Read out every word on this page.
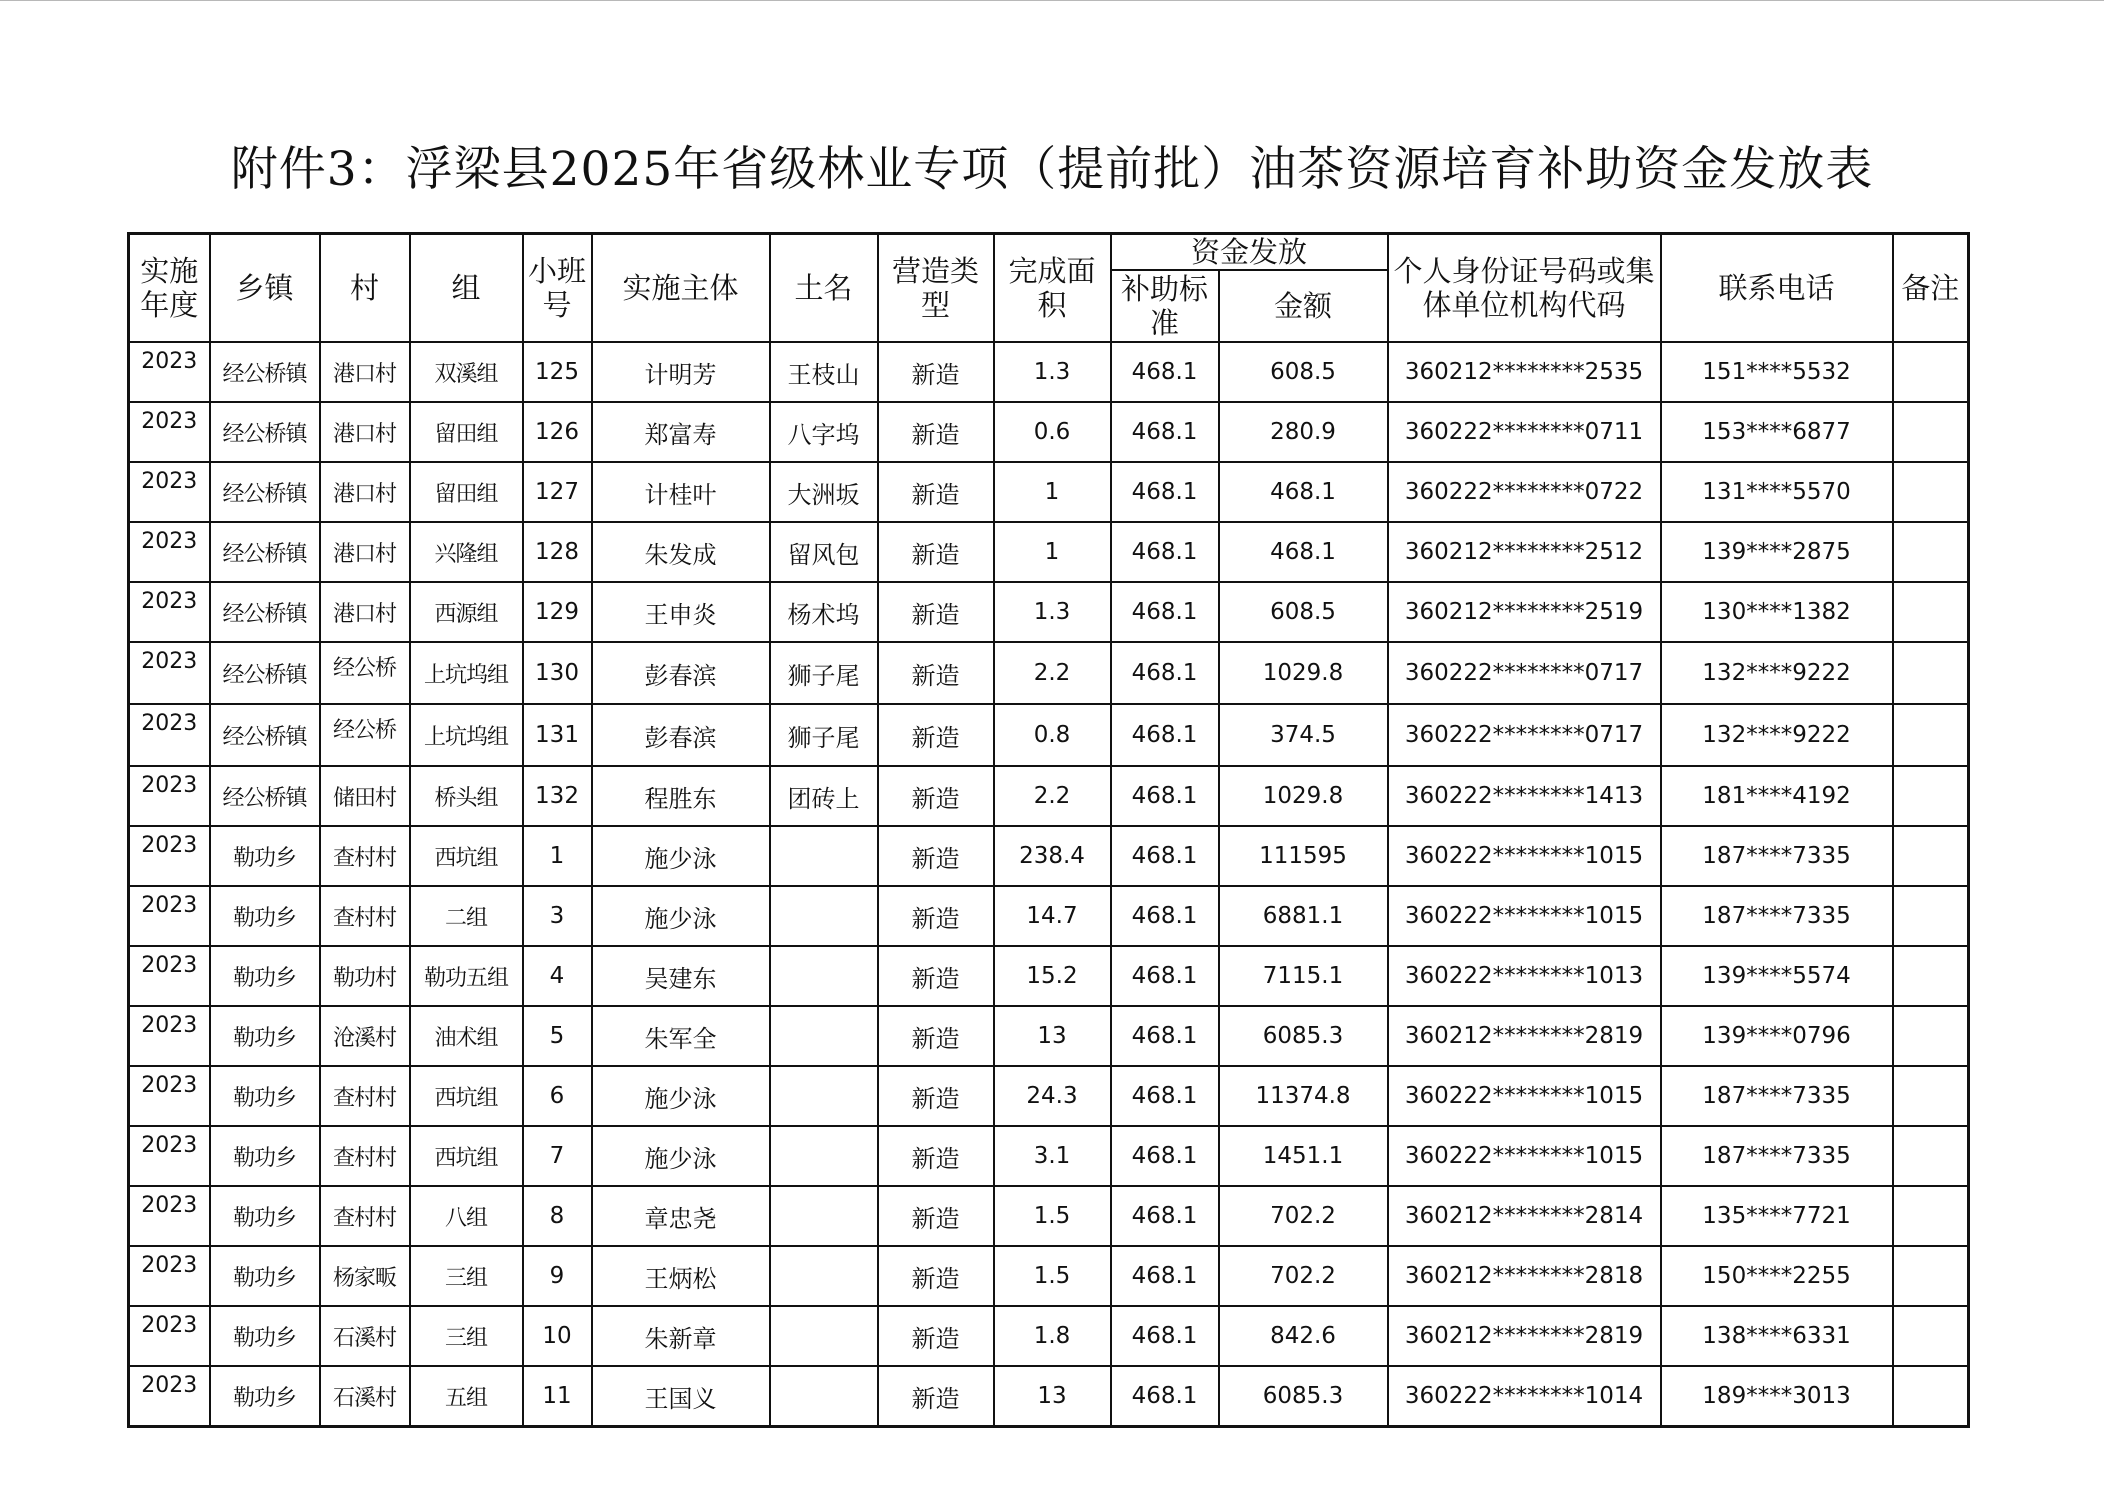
附件3：浮梁县2025年省级林业专项（提前批）油茶资源培育补助资金发放表
实施年度	乡镇	村	组	小班号	实施主体	土名	营造类型	完成面积	资金发放		个人身份证号码或集体单位机构代码	联系电话	备注
									补助标准	金额			
2023	经公桥镇	港口村	双溪组	125	计明芳	王枝山	新造	1.3	468.1	608.5	360212********2535	151****5532	
2023	经公桥镇	港口村	留田组	126	郑富寿	八字坞	新造	0.6	468.1	280.9	360222********0711	153****6877	
2023	经公桥镇	港口村	留田组	127	计桂叶	大洲坂	新造	1	468.1	468.1	360222********0722	131****5570	
2023	经公桥镇	港口村	兴隆组	128	朱发成	留风包	新造	1	468.1	468.1	360212********2512	139****2875	
2023	经公桥镇	港口村	西源组	129	王申炎	杨术坞	新造	1.3	468.1	608.5	360212********2519	130****1382	
2023	经公桥镇	经公桥	上坑坞组	130	彭春滨	狮子尾	新造	2.2	468.1	1029.8	360222********0717	132****9222	
2023	经公桥镇	经公桥	上坑坞组	131	彭春滨	狮子尾	新造	0.8	468.1	374.5	360222********0717	132****9222	
2023	经公桥镇	储田村	桥头组	132	程胜东	团砖上	新造	2.2	468.1	1029.8	360222********1413	181****4192	
2023	勒功乡	查村村	西坑组	1	施少泳		新造	238.4	468.1	111595	360222********1015	187****7335	
2023	勒功乡	查村村	二组	3	施少泳		新造	14.7	468.1	6881.1	360222********1015	187****7335	
2023	勒功乡	勒功村	勒功五组	4	吴建东		新造	15.2	468.1	7115.1	360222********1013	139****5574	
2023	勒功乡	沧溪村	油术组	5	朱军全		新造	13	468.1	6085.3	360212********2819	139****0796	
2023	勒功乡	查村村	西坑组	6	施少泳		新造	24.3	468.1	11374.8	360222********1015	187****7335	
2023	勒功乡	查村村	西坑组	7	施少泳		新造	3.1	468.1	1451.1	360222********1015	187****7335	
2023	勒功乡	查村村	八组	8	章忠尧		新造	1.5	468.1	702.2	360212********2814	135****7721	
2023	勒功乡	杨家畈	三组	9	王炳松		新造	1.5	468.1	702.2	360212********2818	150****2255	
2023	勒功乡	石溪村	三组	10	朱新章		新造	1.8	468.1	842.6	360212********2819	138****6331	
2023	勒功乡	石溪村	五组	11	王国义		新造	13	468.1	6085.3	360222********1014	189****3013	
